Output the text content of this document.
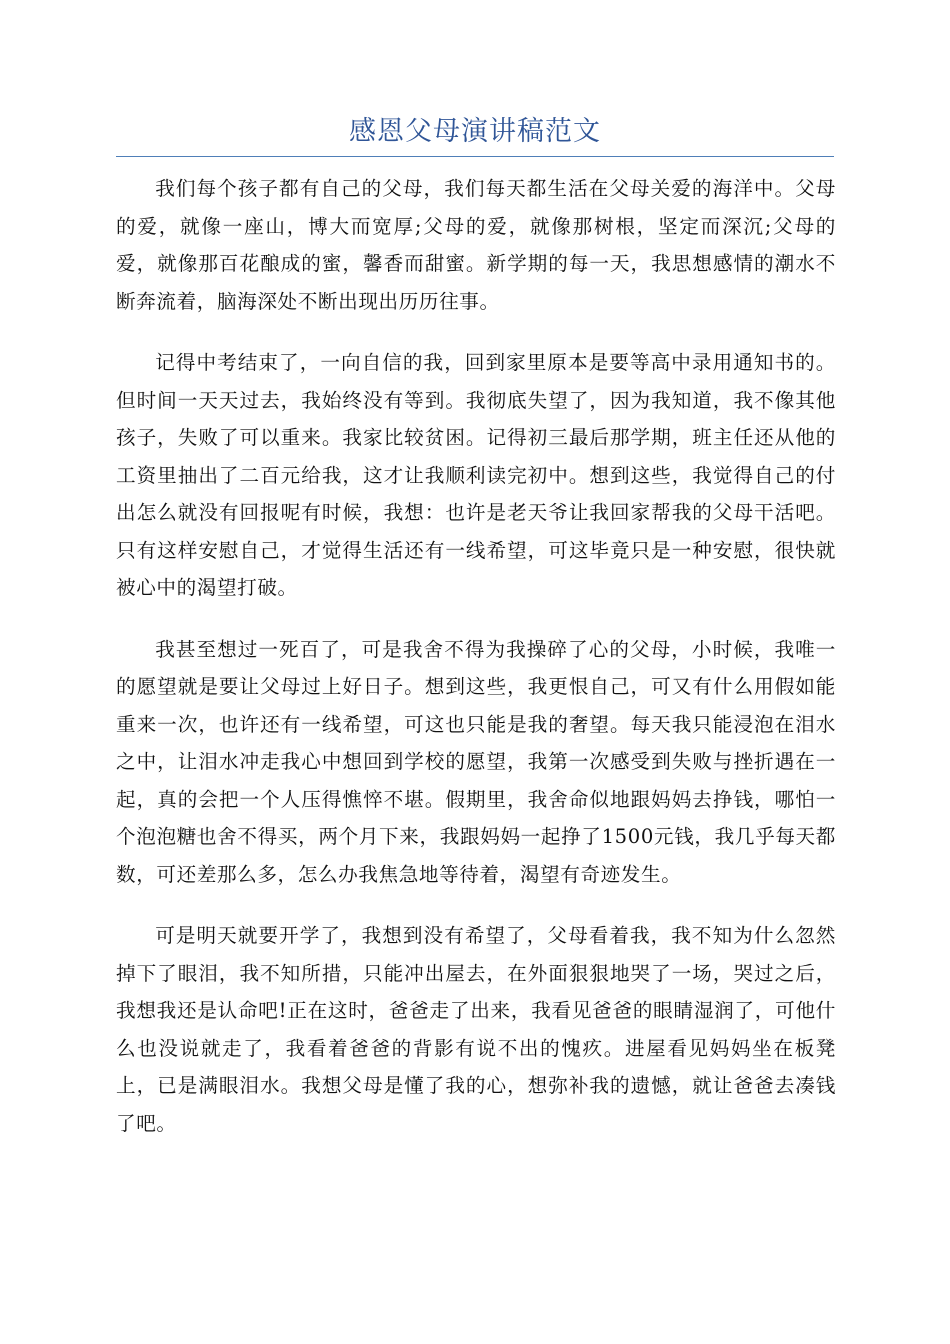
感恩父母演讲稿范文

我们每个孩子都有自己的父母，我们每天都生活在父母关爱的海洋中。父母的爱，就像一座山，博大而宽厚;父母的爱，就像那树根，坚定而深沉;父母的爱，就像那百花酿成的蜜，馨香而甜蜜。新学期的每一天，我思想感情的潮水不断奔流着，脑海深处不断出现出历历往事。

记得中考结束了，一向自信的我，回到家里原本是要等高中录用通知书的。但时间一天天过去，我始终没有等到。我彻底失望了，因为我知道，我不像其他孩子，失败了可以重来。我家比较贫困。记得初三最后那学期，班主任还从他的工资里抽出了二百元给我，这才让我顺利读完初中。想到这些，我觉得自己的付出怎么就没有回报呢有时候，我想：也许是老天爷让我回家帮我的父母干活吧。只有这样安慰自己，才觉得生活还有一线希望，可这毕竟只是一种安慰，很快就被心中的渴望打破。

我甚至想过一死百了，可是我舍不得为我操碎了心的父母，小时候，我唯一的愿望就是要让父母过上好日子。想到这些，我更恨自己，可又有什么用假如能重来一次，也许还有一线希望，可这也只能是我的奢望。每天我只能浸泡在泪水之中，让泪水冲走我心中想回到学校的愿望，我第一次感受到失败与挫折遇在一起，真的会把一个人压得憔悴不堪。假期里，我舍命似地跟妈妈去挣钱，哪怕一个泡泡糖也舍不得买，两个月下来，我跟妈妈一起挣了1500元钱，我几乎每天都数，可还差那么多，怎么办我焦急地等待着，渴望有奇迹发生。

可是明天就要开学了，我想到没有希望了，父母看着我，我不知为什么忽然掉下了眼泪，我不知所措，只能冲出屋去，在外面狠狠地哭了一场，哭过之后，我想我还是认命吧!正在这时，爸爸走了出来，我看见爸爸的眼睛湿润了，可他什么也没说就走了，我看着爸爸的背影有说不出的愧疚。进屋看见妈妈坐在板凳上，已是满眼泪水。我想父母是懂了我的心，想弥补我的遗憾，就让爸爸去凑钱了吧。
